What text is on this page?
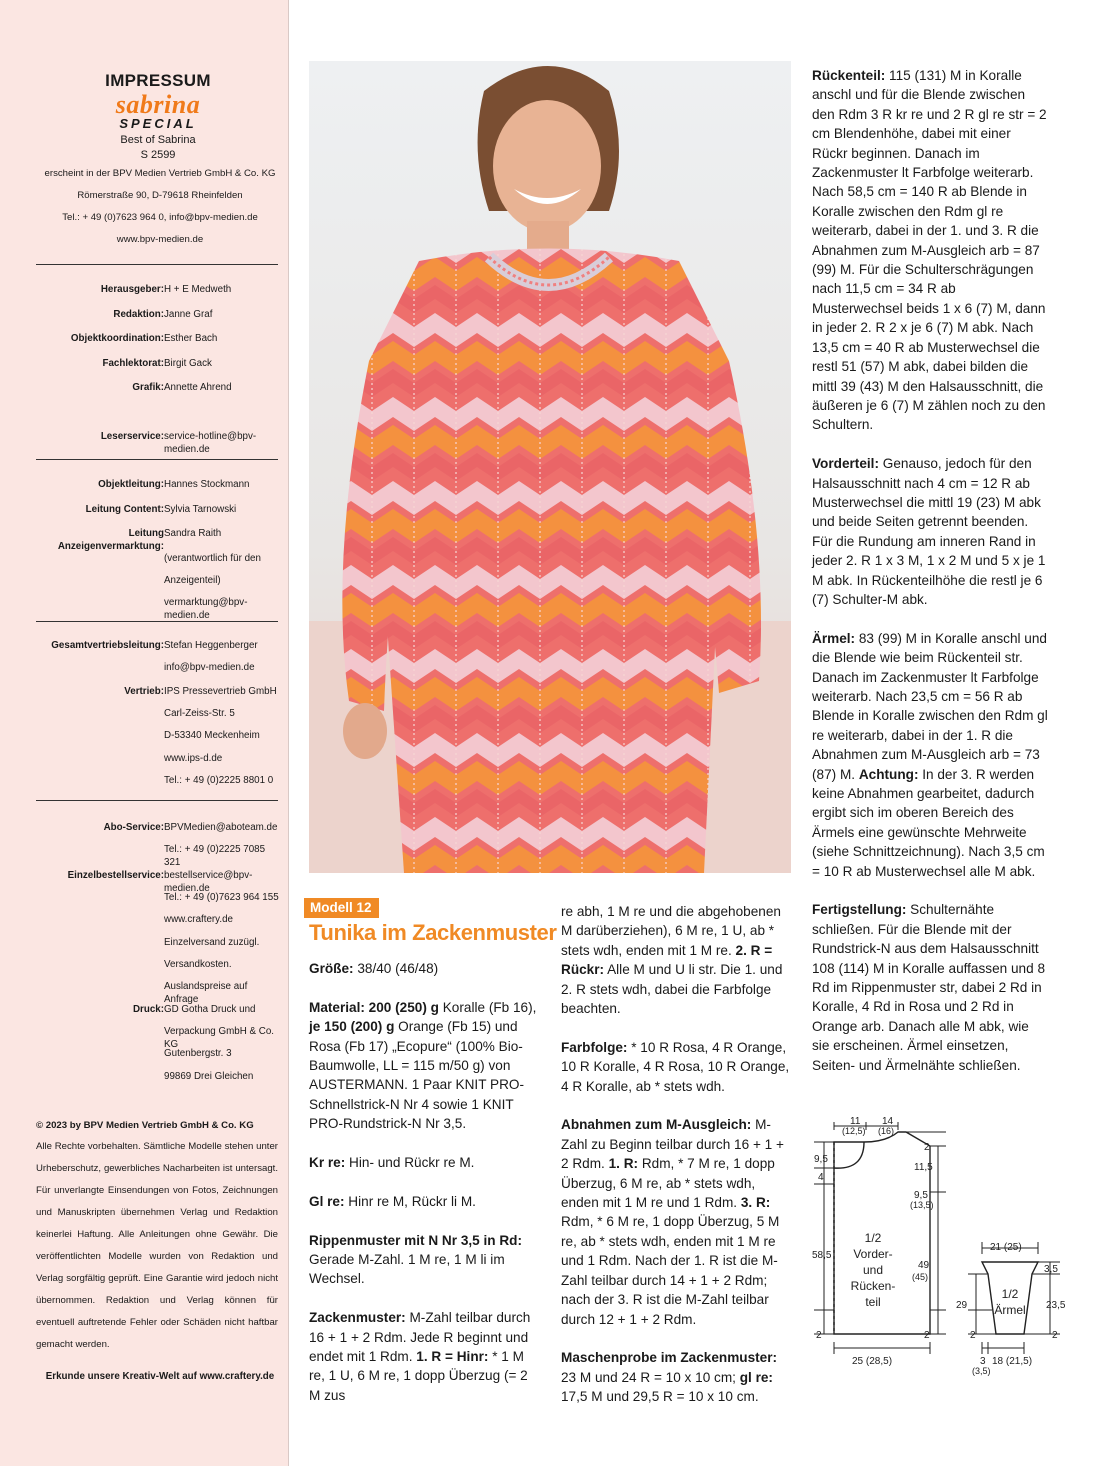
IMPRESSUM
sabrina
SPECIAL
Best of Sabrina
S 2599
erscheint in der BPV Medien Vertrieb GmbH & Co. KG
Römerstraße 90, D-79618 Rheinfelden
Tel.: + 49 (0)7623 964 0, info@bpv-medien.de
www.bpv-medien.de
Leserservice: service-hotline@bpv-medien.de
© 2023 by BPV Medien Vertrieb GmbH & Co. KG
Alle Rechte vorbehalten. Sämtliche Modelle stehen unter Urheberschutz, gewerbliches Nacharbeiten ist untersagt. Für unverlangte Einsendungen von Fotos, Zeichnungen und Manuskripten übernehmen Verlag und Redaktion keinerlei Haftung. Alle Anleitungen ohne Gewähr. Die veröffentlichten Modelle wurden von Redaktion und Verlag sorgfältig geprüft. Eine Garantie wird jedoch nicht übernommen. Redaktion und Verlag können für eventuell auftretende Fehler oder Schäden nicht haftbar gemacht werden.
Erkunde unsere Kreativ-Welt auf www.craftery.de
Herausgeber: H + E Medweth
Redaktion: Janne Graf
Objektkoordination: Esther Bach
Fachlektorat: Birgit Gack
Grafik: Annette Ahrend
Objektleitung: Hannes Stockmann
Leitung Content: Sylvia Tarnowski
Leitung Anzeigenvermarktung:
Sandra Raith
(verantwortlich für den
Anzeigenteil)
vermarktung@bpv-medien.de
Gesamtvertriebsleitung: Stefan Heggenberger
info@bpv-medien.de
Vertrieb: IPS Pressevertrieb GmbH
Carl-Zeiss-Str. 5
D-53340 Meckenheim
www.ips-d.de
Tel.: + 49 (0)2225 8801 0
Abo-Service: BPVMedien@aboteam.de
Tel.: + 49 (0)2225 7085 321
Einzelbestellservice: bestellservice@bpv-medien.de
Tel.: + 49 (0)7623 964 155
www.craftery.de
Einzelversand zuzügl.
Versandkosten.
Auslandspreise auf Anfrage
Druck: GD Gotha Druck und
Verpackung GmbH & Co. KG
Gutenbergstr. 3
99869 Drei Gleichen
Modell 12
Tunika im Zackenmuster

Größe: 38/40 (46/48)

Material: 200 (250) g Koralle (Fb 16), je 150 (200) g Orange (Fb 15) und Rosa (Fb 17) „Ecopure“ (100% Bio-Baumwolle, LL = 115 m/50 g) von AUSTERMANN. 1 Paar KNIT PRO-Schnellstrick-N Nr 4 sowie 1 KNIT PRO-Rundstrick-N Nr 3,5.

Kr re: Hin- und Rückr re M.

Gl re: Hinr re M, Rückr li M.

Rippenmuster mit N Nr 3,5 in Rd: Gerade M-Zahl. 1 M re, 1 M li im Wechsel.

Zackenmuster: M-Zahl teilbar durch 16 + 1 + 2 Rdm. Jede R beginnt und endet mit 1 Rdm. 1. R = Hinr: * 1 M re, 1 U, 6 M re, 1 dopp Überzug (= 2 M zus

re abh, 1 M re und die abgehobenen M darüberziehen), 6 M re, 1 U, ab * stets wdh, enden mit 1 M re. 2. R = Rückr: Alle M und U li str. Die 1. und 2. R stets wdh, dabei die Farbfolge beachten.

Farbfolge: * 10 R Rosa, 4 R Orange, 10 R Koralle, 4 R Rosa, 10 R Orange, 4 R Koralle, ab * stets wdh.

Abnahmen zum M-Ausgleich: M-Zahl zu Beginn teilbar durch 16 + 1 + 2 Rdm. 1. R: Rdm, * 7 M re, 1 dopp Überzug, 6 M re, ab * stets wdh, enden mit 1 M re und 1 Rdm. 3. R: Rdm, * 6 M re, 1 dopp Überzug, 5 M re, ab * stets wdh, enden mit 1 M re und 1 Rdm. Nach der 1. R ist die M-Zahl teilbar durch 14 + 1 + 2 Rdm; nach der 3. R ist die M-Zahl teilbar durch 12 + 1 + 2 Rdm.

Maschenprobe im Zackenmuster: 23 M und 24 R = 10 x 10 cm; gl re: 17,5 M und 29,5 R = 10 x 10 cm.

Rückenteil: 115 (131) M in Koralle anschl und für die Blende zwischen den Rdm 3 R kr re und 2 R gl re str = 2 cm Blendenhöhe, dabei mit einer Rückr beginnen. Danach im Zackenmuster lt Farbfolge weiterarb. Nach 58,5 cm = 140 R ab Blende in Koralle zwischen den Rdm gl re weiterarb, dabei in der 1. und 3. R die Abnahmen zum M-Ausgleich arb = 87 (99) M. Für die Schulterschrägungen nach 11,5 cm = 34 R ab Musterwechsel beids 1 x 6 (7) M, dann in jeder 2. R 2 x je 6 (7) M abk. Nach 13,5 cm = 40 R ab Musterwechsel die restl 51 (57) M abk, dabei bilden die mittl 39 (43) M den Halsausschnitt, die äußeren je 6 (7) M zählen noch zu den Schultern.

Vorderteil: Genauso, jedoch für den Halsausschnitt nach 4 cm = 12 R ab Musterwechsel die mittl 19 (23) M abk und beide Seiten getrennt beenden. Für die Rundung am inneren Rand in jeder 2. R 1 x 3 M, 1 x 2 M und 5 x je 1 M abk. In Rückenteilhöhe die restl je 6 (7) Schulter-M abk.

Ärmel: 83 (99) M in Koralle anschl und die Blende wie beim Rückenteil str. Danach im Zackenmuster lt Farbfolge weiterarb. Nach 23,5 cm = 56 R ab Blende in Koralle zwischen den Rdm gl re weiterarb, dabei in der 1. R die Abnahmen zum M-Ausgleich arb = 73 (87) M. Achtung: In der 3. R werden keine Abnahmen gearbeitet, dadurch ergibt sich im oberen Bereich des Ärmels eine gewünschte Mehrweite (siehe Schnittzeichnung). Nach 3,5 cm = 10 R ab Musterwechsel alle M abk.

Fertigstellung: Schulternähte schließen. Für die Blende mit der Rundstrick-N aus dem Halsausschnitt 108 (114) M in Koralle auffassen und 8 Rd im Rippenmuster str, dabei 2 Rd in Koralle, 4 Rd in Rosa und 2 Rd in Orange arb. Danach alle M abk, wie sie erscheinen. Ärmel einsetzen, Seiten- und Ärmelnähte schließen.

11
(12,5)
14
(16)
2
11,5
9,5
(13,5)
9,5
4
58,5
49
(45)
2	2
25 (28,5)
1/2
Vorder-
und
Rücken-
teil
21 (25)
3,5
23,5
29
2	2
3
(3,5)
18 (21,5)
1/2
Ärmel
